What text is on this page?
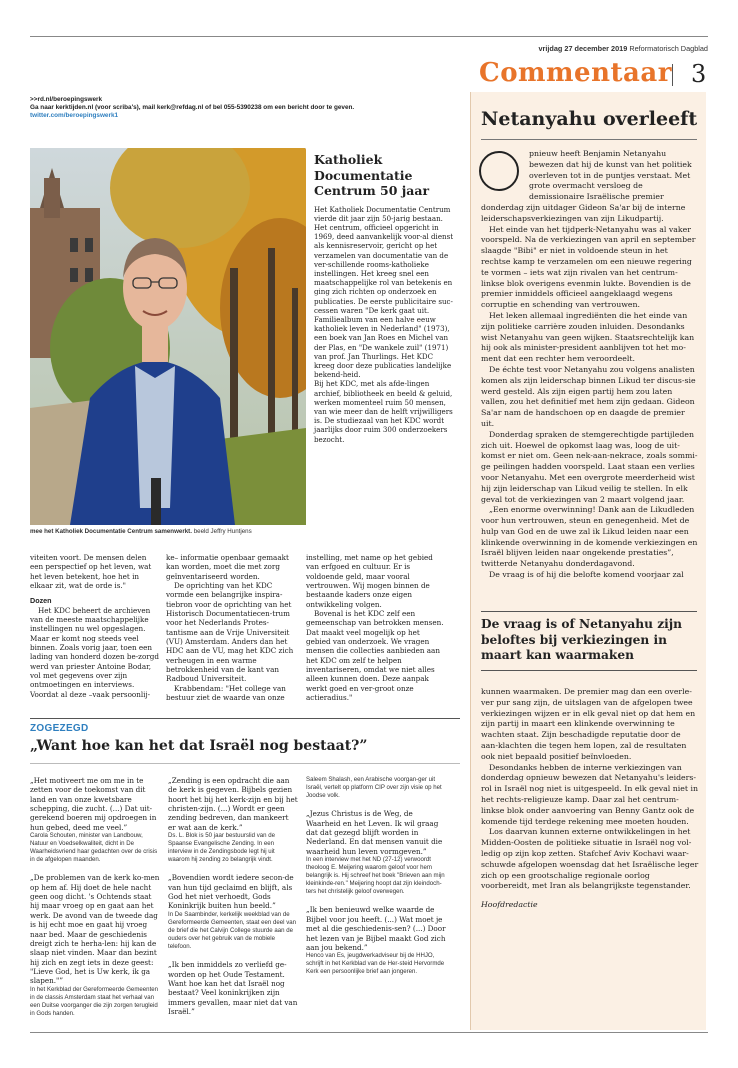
vrijdag 27 december 2019 Reformatorisch Dagblad
Commentaar 3
>>rd.nl/beroepingswerk
Ga naar kerktijden.nl (voor scriba's), mail kerk@refdag.nl of bel 055-5390238 om een bericht door te geven.
twitter.com/beroepingswerk1
mee het Katholiek Documentatie Centrum samenwerkt. beeld Jeffry Huntjens
Katholiek Documentatie Centrum 50 jaar

Het Katholiek Documentatie Centrum vierde dit jaar zijn 50-jarig bestaan. Het centrum, officieel opgericht in 1969, deed aanvankelijk voor-al dienst als kennisreservoir, gericht op het verzamelen van documentatie van de ver-schillende rooms-katholieke instellingen. Het kreeg snel een maatschappelijke rol van betekenis en ging zich richten op onderzoek en publicaties. De eerste publicitaire suc-cessen waren "De kerk gaat uit. Familiealbum van een halve eeuw katholiek leven in Nederland" (1973), een boek van Jan Roes en Michel van der Plas, en "De wankele zuil" (1971) van prof. Jan Thurlings. Het KDC kreeg door deze publicaties landelijke bekend-heid.

Bij het KDC, met als afde-lingen archief, bibliotheek en beeld & geluid, werken momenteel ruim 50 mensen, van wie meer dan de helft vrijwilligers is. De studiezaal van het KDC wordt jaarlijks door ruim 300 onderzoekers bezocht.

viteiten voort. De mensen delen een perspectief op het leven, wat het leven betekent, hoe het in elkaar zit, wat de orde is."

Dozen

Het KDC beheert de archieven van de meeste maatschappelijke instellingen nu wel opgeslagen. Maar er komt nog steeds veel binnen. Zoals vorig jaar, toen een lading van honderd dozen be-zorgd werd van priester Antoine Bodar, vol met gegevens over zijn ontmoetingen en interviews. Voordat al deze –vaak persoonlij-

ke– informatie openbaar gemaakt kan worden, moet die met zorg geïnventariseerd worden.

De oprichting van het KDC vormde een belangrijke inspira-tiebron voor de oprichting van het Historisch Documentatiecen-trum voor het Nederlands Protes-tantisme aan de Vrije Universiteit (VU) Amsterdam. Anders dan het HDC aan de VU, mag het KDC zich verheugen in een warme betrokkenheid van de kant van Radboud Universiteit.

Krabbendam: "Het college van bestuur ziet de waarde van onze

instelling, met name op het gebied van erfgoed en cultuur. Er is voldoende geld, maar vooral vertrouwen. Wij mogen binnen de bestaande kaders onze eigen ontwikkeling volgen.

Bovenal is het KDC zelf een gemeenschap van betrokken mensen. Dat maakt veel mogelijk op het gebied van onderzoek. We vragen mensen die collecties aanbieden aan het KDC om zelf te helpen inventariseren, omdat we niet alles alleen kunnen doen. Deze aanpak werkt goed en ver-groot onze actieradius."

ZOGEZEGD
„Want hoe kan het dat Israël nog bestaat?”

„Het motiveert me om me in te zetten voor de toekomst van dit land en van onze kwetsbare schepping, die zucht. (...) Dat uit-gerekend boeren mij opdroegen in hun gebed, deed me veel.”

Carola Schouten, minister van Landbouw, Natuur en Voedselkwaliteit, dicht in De Waarheidsvriend haar gedachten over de crisis in de afgelopen maanden.

„De problemen van de kerk ko-men op hem af. Hij doet de hele nacht geen oog dicht. 's Ochtends staat hij maar vroeg op en gaat aan het werk. De avond van de tweede dag is hij echt moe en gaat hij vroeg naar bed. Maar de geschiedenis dreigt zich te herha-len: hij kan de slaap niet vinden. Maar dan bezint hij zich en zegt iets in deze geest: "Lieve God, het is Uw kerk, ik ga slapen."”

In het Kerkblad der Gereformeerde Gemeenten in de classis Amsterdam staat het verhaal van een Duitse voorganger die zijn zorgen terugleid in Gods handen.

„Zending is een opdracht die aan de kerk is gegeven. Bijbels gezien hoort het bij het kerk-zijn en bij het christen-zijn. (...) Wordt er geen zending bedreven, dan mankeert er wat aan de kerk.”

Ds. L. Blok is 50 jaar bestuurslid van de Spaanse Evangelische Zending. In een interview in de Zendingsbode legt hij uit waarom hij zending zo belangrijk vindt.

„Bovendien wordt iedere secon-de van hun tijd geclaimd en blijft, als God het niet verhoedt, Gods Koninkrijk buiten hun beeld.”

In De Saambinder, kerkelijk weekblad van de Gereformeerde Gemeenten, staat een deel van de brief die het Calvijn College stuurde aan de ouders over het gebruik van de mobiele telefoon.

„Ik ben inmiddels zo verliefd ge-worden op het Oude Testament. Want hoe kan het dat Israël nog bestaat? Veel koninkrijken zijn immers gevallen, maar niet dat van Israël.”

Saleem Shalash, een Arabische voorgan-ger uit Israël, vertelt op platform CIP over zijn visie op het Joodse volk.

„Jezus Christus is de Weg, de Waarheid en het Leven. Ik wil graag dat dat gezegd blijft worden in Nederland. En dat mensen vanuit die waarheid hun leven vormgeven.”

In een interview met het ND (27-12) verwoordt theoloog E. Meijering waarom geloof voor hem belangrijk is. Hij schreef het boek "Brieven aan mijn kleinkinde-ren." Meijering hoopt dat zijn kleindoch-ters het christelijk geloof overwegen.

„Ik ben benieuwd welke waarde de Bijbel voor jou heeft. (...) Wat moet je met al die geschiedenis-sen? (...) Door het lezen van je Bijbel maakt God zich aan jou bekend.”

Henco van Es, jeugdwerkadviseur bij de HHJO, schrijft in het Kerkblad van de Her-steid Hervormde Kerk een persoonlijke brief aan jongeren.

Netanyahu overleeft

pnieuw heeft Benjamin Netanyahu bewezen dat hij de kunst van het politiek overleven tot in de puntjes verstaat. Met grote overmacht versloeg de demissionaire Israëlische premier donderdag zijn uitdager Gideon Sa'ar bij de interne leiderschapsverkiezingen van zijn Likudpartij.

Het einde van het tijdperk-Netanyahu was al vaker voorspeld. Na de verkiezingen van april en september slaagde "Bibi" er niet in voldoende steun in het rechtse kamp te verzamelen om een nieuwe regering te vormen – iets wat zijn rivalen van het centrum-linkse blok overigens evenmin lukte. Bovendien is de premier inmiddels officieel aangeklaagd wegens corruptie en schending van vertrouwen.

Het leken allemaal ingrediënten die het einde van zijn politieke carrière zouden inluiden. Desondanks wist Netanyahu van geen wijken. Staatsrechtelijk kan hij ook als minister-president aanblijven tot het mo-ment dat een rechter hem veroordeelt.

De échte test voor Netanyahu zou volgens analisten komen als zijn leiderschap binnen Likud ter discus-sie werd gesteld. Als zijn eigen partij hem zou laten vallen, zou het definitief met hem zijn gedaan. Gideon Sa'ar nam de handschoen op en daagde de premier uit.

Donderdag spraken de stemgerechtigde partijleden zich uit. Hoewel de opkomst laag was, loog de uit-komst er niet om. Geen nek-aan-nekrace, zoals sommi-ge peilingen hadden voorspeld. Laat staan een verlies voor Netanyahu. Met een overgrote meerderheid wist hij zijn leiderschap van Likud veilig te stellen. In elk geval tot de verkiezingen van 2 maart volgend jaar.

„Een enorme overwinning! Dank aan de Likudleden voor hun vertrouwen, steun en genegenheid. Met de hulp van God en de uwe zal ik Likud leiden naar een klinkende overwinning in de komende verkiezingen en Israël blijven leiden naar ongekende prestaties”, twitterde Netanyahu donderdagavond.

De vraag is of hij die belofte komend voorjaar zal

De vraag is of Netanyahu zijn beloftes bij verkiezingen in maart kan waarmaken

kunnen waarmaken. De premier mag dan een overle-ver pur sang zijn, de uitslagen van de afgelopen twee verkiezingen wijzen er in elk geval niet op dat hem en zijn partij in maart een klinkende overwinning te wachten staat. Zijn beschadigde reputatie door de aan-klachten die tegen hem lopen, zal de resultaten ook niet bepaald positief beïnvloeden.

Desondanks hebben de interne verkiezingen van donderdag opnieuw bewezen dat Netanyahu's leiders-rol in Israël nog niet is uitgespeeld. In elk geval niet in het rechts-religieuze kamp. Daar zal het centrum-linkse blok onder aanvoering van Benny Gantz ook de komende tijd terdege rekening mee moeten houden.

Los daarvan kunnen externe ontwikkelingen in het Midden-Oosten de politieke situatie in Israël nog vol-ledig op zijn kop zetten. Stafchef Aviv Kochavi waar-schuwde afgelopen woensdag dat het Israëlische leger zich op een grootschalige regionale oorlog voorbereidt, met Iran als belangrijkste tegenstander.

Hoofdredactie
